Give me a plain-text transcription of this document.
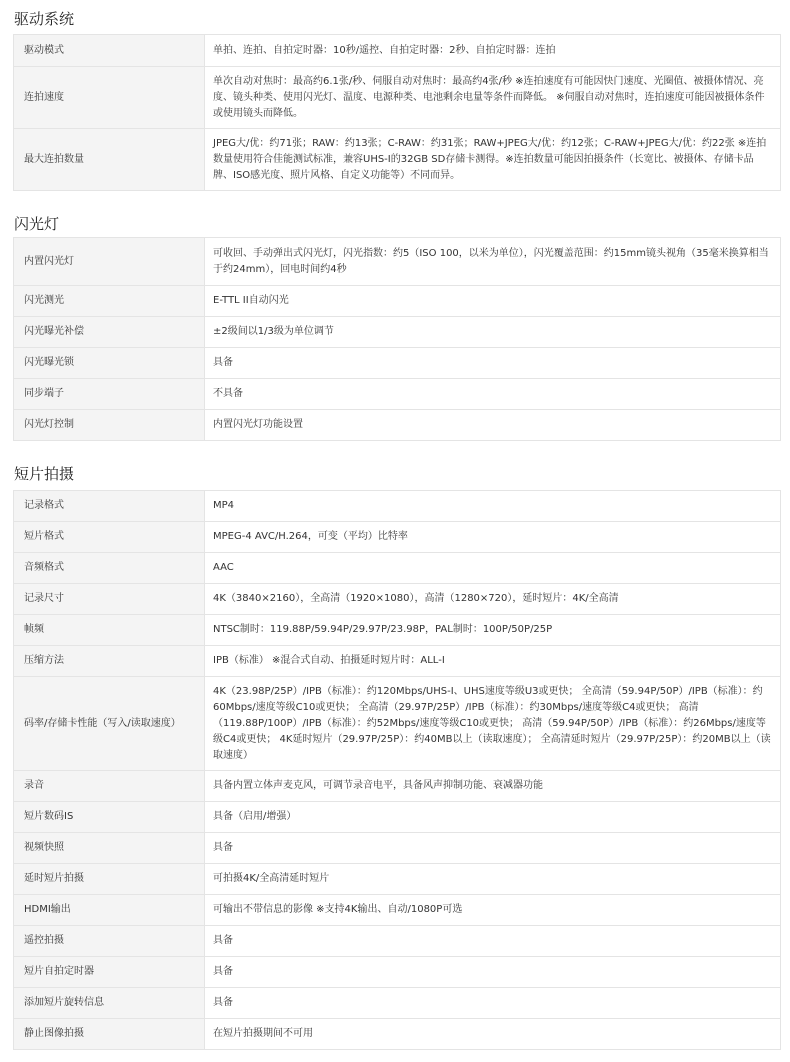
驱动系统
驱动模式	单拍、连拍、自拍定时器：10秒/遥控、自拍定时器：2秒、自拍定时器：连拍
连拍速度	单次自动对焦时：最高约6.1张/秒、伺服自动对焦时：最高约4张/秒 ※连拍速度有可能因快门速度、光圈值、被摄体情况、亮度、镜头种类、使用闪光灯、温度、电源种类、电池剩余电量等条件而降低。 ※伺服自动对焦时，连拍速度可能因被摄体条件或使用镜头而降低。
最大连拍数量	JPEG大/优：约71张；RAW：约13张；C-RAW：约31张；RAW+JPEG大/优：约12张；C-RAW+JPEG大/优：约22张 ※连拍数量使用符合佳能测试标准，兼容UHS-I的32GB SD存储卡测得。※连拍数量可能因拍摄条件（长宽比、被摄体、存储卡品牌、ISO感光度、照片风格、自定义功能等）不同而异。
闪光灯
内置闪光灯	可收回、手动弹出式闪光灯，闪光指数：约5（ISO 100，以米为单位），闪光覆盖范围：约15mm镜头视角（35毫米换算相当于约24mm），回电时间约4秒
闪光测光	E-TTL II自动闪光
闪光曝光补偿	±2级间以1/3级为单位调节
闪光曝光锁	具备
同步端子	不具备
闪光灯控制	内置闪光灯功能设置
短片拍摄
记录格式	MP4
短片格式	MPEG-4 AVC/H.264，可变（平均）比特率
音频格式	AAC
记录尺寸	4K（3840×2160），全高清（1920×1080），高清（1280×720），延时短片：4K/全高清
帧频	NTSC制时：119.88P/59.94P/29.97P/23.98P，PAL制时：100P/50P/25P
压缩方法	IPB（标准） ※混合式自动、拍摄延时短片时：ALL-I
码率/存储卡性能（写入/读取速度）	4K（23.98P/25P）/IPB（标准）：约120Mbps/UHS-I、UHS速度等级U3或更快； 全高清（59.94P/50P）/IPB（标准）：约60Mbps/速度等级C10或更快； 全高清（29.97P/25P）/IPB（标准）：约30Mbps/速度等级C4或更快； 高清（119.88P/100P）/IPB（标准）：约52Mbps/速度等级C10或更快； 高清（59.94P/50P）/IPB（标准）：约26Mbps/速度等级C4或更快； 4K延时短片（29.97P/25P）：约40MB以上（读取速度）； 全高清延时短片（29.97P/25P）：约20MB以上（读取速度）
录音	具备内置立体声麦克风，可调节录音电平，具备风声抑制功能、衰减器功能
短片数码IS	具备（启用/增强）
视频快照	具备
延时短片拍摄	可拍摄4K/全高清延时短片
HDMI输出	可输出不带信息的影像 ※支持4K输出、自动/1080P可选
遥控拍摄	具备
短片自拍定时器	具备
添加短片旋转信息	具备
静止图像拍摄	在短片拍摄期间不可用
